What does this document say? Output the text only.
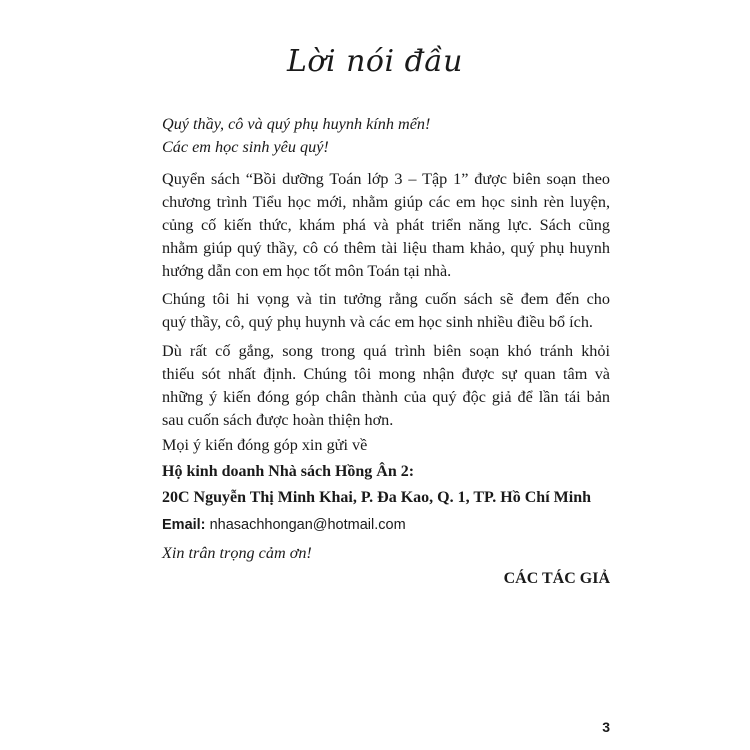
Lời nói đầu
Quý thầy, cô và quý phụ huynh kính mến!
Các em học sinh yêu quý!
Quyển sách “Bồi dưỡng Toán lớp 3 – Tập 1” được biên soạn theo
chương trình Tiểu học mới, nhằm giúp các em học sinh rèn luyện,
củng cố kiến thức, khám phá và phát triển năng lực. Sách cũng
nhằm giúp quý thầy, cô có thêm tài liệu tham khảo, quý phụ huynh
hướng dẫn con em học tốt môn Toán tại nhà.
Chúng tôi hi vọng và tin tưởng rằng cuốn sách sẽ đem đến cho
quý thầy, cô, quý phụ huynh và các em học sinh nhiều điều bổ ích.
Dù rất cố gắng, song trong quá trình biên soạn khó tránh khỏi
thiếu sót nhất định. Chúng tôi mong nhận được sự quan tâm và
những ý kiến đóng góp chân thành của quý độc giả để lần tái bản
sau cuốn sách được hoàn thiện hơn.
Mọi ý kiến đóng góp xin gửi về
Hộ kinh doanh Nhà sách Hồng Ân 2:
20C Nguyễn Thị Minh Khai, P. Đa Kao, Q. 1, TP. Hồ Chí Minh
Email: nhasachhongan@hotmail.com
Xin trân trọng cảm ơn!
CÁC TÁC GIẢ
3
